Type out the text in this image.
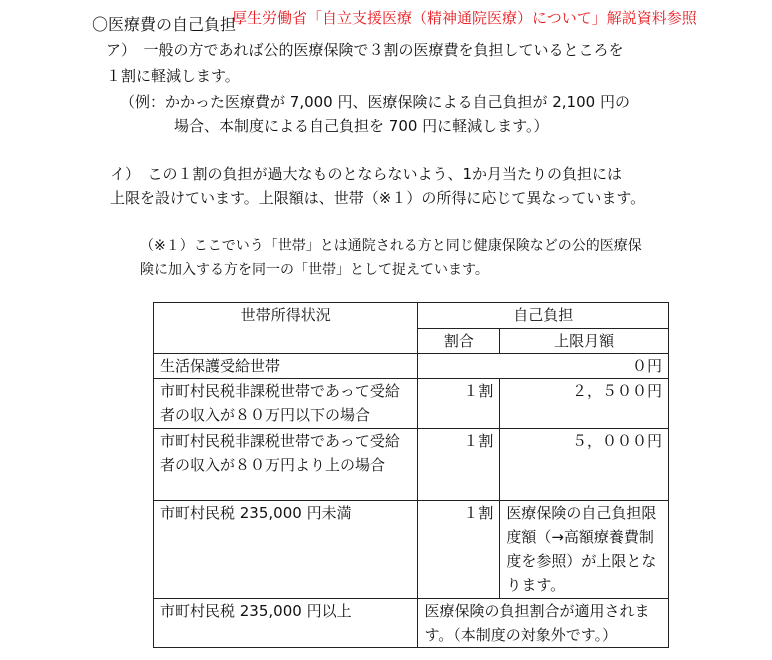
〇医療費の自己負担
厚生労働省「自立支援医療（精神通院医療）について」解説資料参照
ア）　一般の方であれば公的医療保険で３割の医療費を負担しているところを
１割に軽減します。
（例：かかった医療費が 7,000 円、医療保険による自己負担が 2,100 円の
場合、本制度による自己負担を 700 円に軽減します。）
イ）　この１割の負担が過大なものとならないよう、1か月当たりの負担には
上限を設けています。上限額は、世帯（※１）の所得に応じて異なっています。
（※１）ここでいう「世帯」とは通院される方と同じ健康保険などの公的医療保
険に加入する方を同一の「世帯」として捉えています。
世帯所得状況	自己負担	
	割合	上限月額
生活保護受給世帯	０円	
市町村民税非課税世帯であって受給者の収入が８０万円以下の場合	１割	２，５００円
市町村民税非課税世帯であって受給者の収入が８０万円より上の場合	１割	５，０００円
市町村民税 235,000 円未満	１割	医療保険の自己負担限度額（→高額療養費制度を参照）が上限となります。
市町村民税 235,000 円以上	医療保険の負担割合が適用されます。（本制度の対象外です。）	
